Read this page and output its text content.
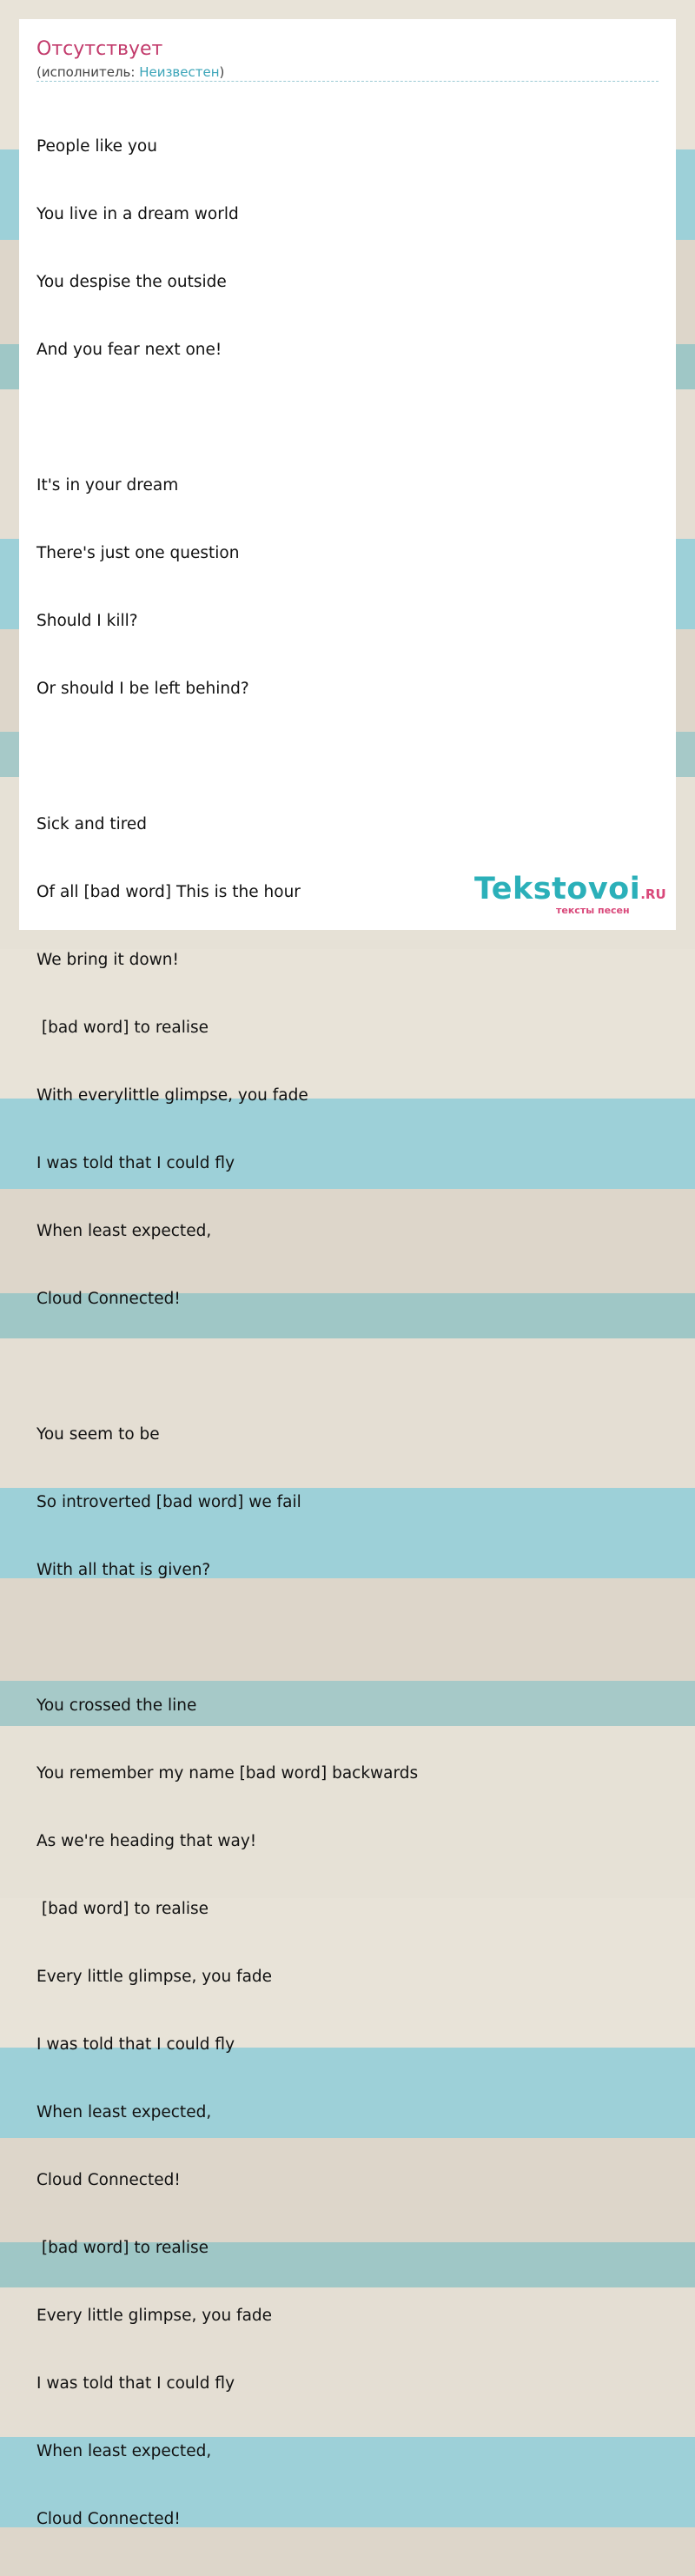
Отсутствует
(исполнитель: Неизвестен)

People like you

You live in a dream world

You despise the outside

And you fear next one!

It's in your dream

There's just one question

Should I kill?

Or should I be left behind?

Sick and tired

Of all [bad word] This is the hour

We bring it down!

[bad word] to realise

With everylittle glimpse, you fade

I was told that I could fly

When least expected,

Cloud Connected!

You seem to be

So introverted [bad word] we fail

With all that is given?

You crossed the line

You remember my name [bad word] backwards

As we're heading that way!

[bad word] to realise

Every little glimpse, you fade

I was told that I could fly

When least expected,

Cloud Connected!

[bad word] to realise

Every little glimpse, you fade

I was told that I could fly

When least expected,

Cloud Connected!

Tekstovoi.RU
тексты песен
